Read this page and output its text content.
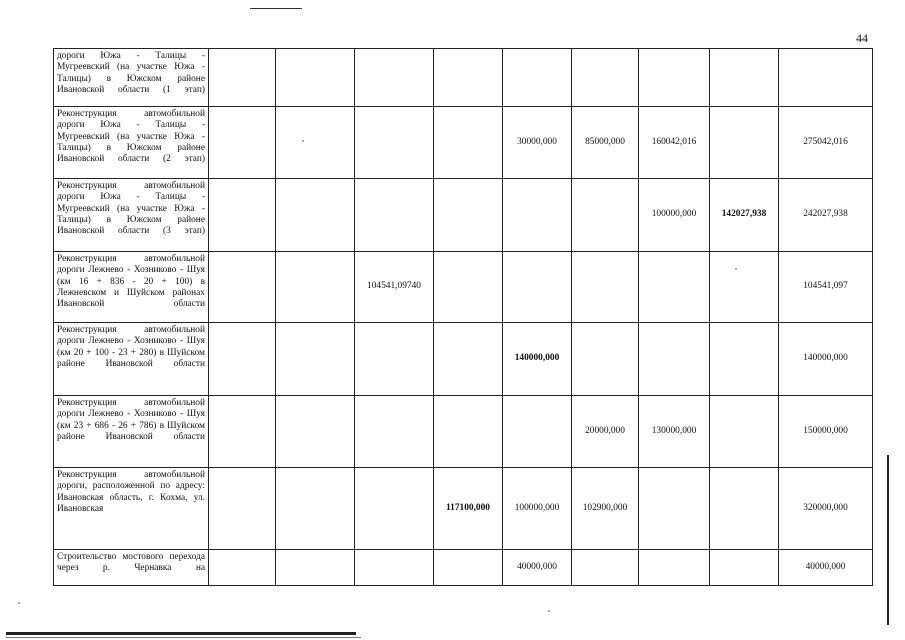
44
дороги Южа - Талицы - Мугреевский (на участке Южа - Талицы) в Южском районе Ивановской области (1 этап)									
Реконструкция автомобильной дороги Южа - Талицы - Мугреевский (на участке Южа - Талицы) в Южском районе Ивановской области (2 этап)					30000,000	85000,000	160042,016		275042,016
Реконструкция автомобильной дороги Южа - Талицы - Мугреевский (на участке Южа - Талицы) в Южском районе Ивановской области (3 этап)							100000,000	142027,938	242027,938
Реконструкция автомобильной дороги Лежнево - Хозниково - Шуя (км 16 + 836 - 20 + 100) в Лежневском и Шуйском районах Ивановской области			104541,09740						104541,097
Реконструкция автомобильной дороги Лежнево - Хозниково - Шуя (км 20 + 100 - 23 + 280) в Шуйском районе Ивановской области					140000,000				140000,000
Реконструкция автомобильной дороги Лежнево - Хозниково - Шуя (км 23 + 686 - 26 + 786) в Шуйском районе Ивановской области						20000,000	130000,000		150000,000
Реконструкция автомобильной дороги, расположенной по адресу: Ивановская область, г. Кохма, ул. Ивановская				117100,000	100000,000	102900,000			320000,000
Строительство мостового перехода через р. Чернавка на					40000,000				40000,000
